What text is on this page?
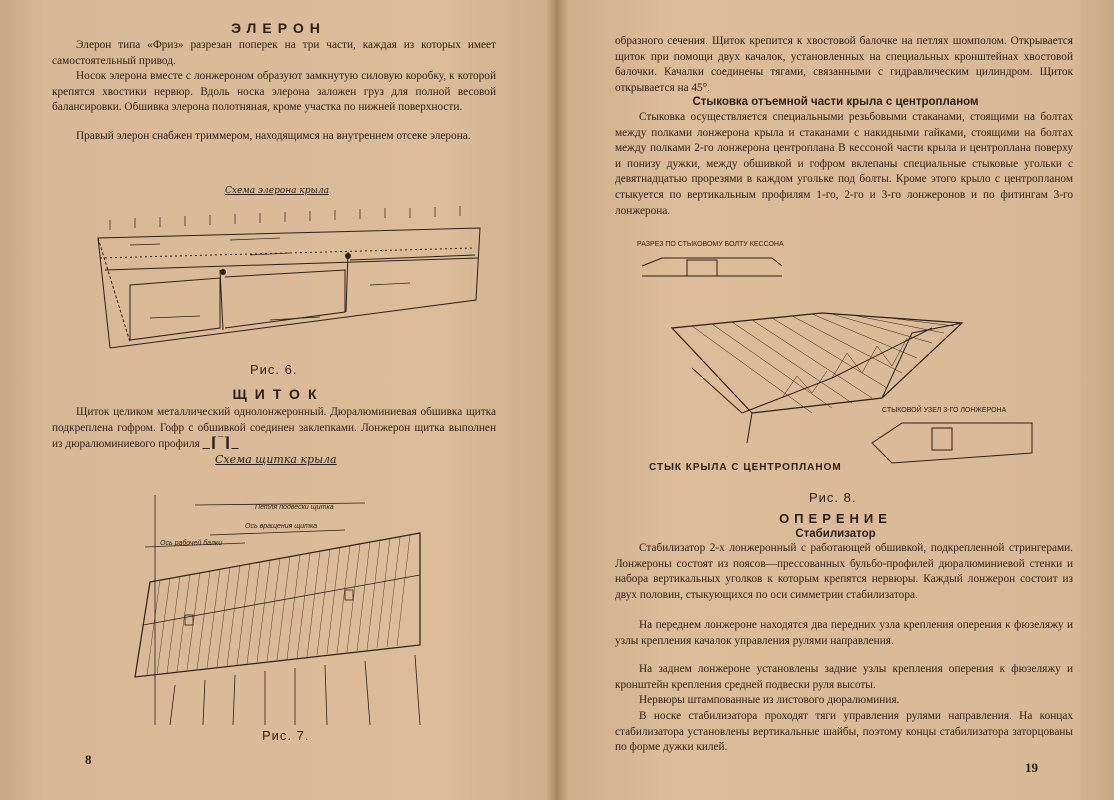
ЭЛЕРОН
Элерон типа «Фриз» разрезан поперек на три части, каждая из которых имеет самостоятельный привод.
Носок элерона вместе с лонжероном образуют замкнутую силовую коробку, к которой крепятся хвостики нервюр. Вдоль носка элерона заложен груз для полной весовой балансировки. Обшивка элерона полотняная, кроме участка по нижней поверхности.
Правый элерон снабжен триммером, находящимся на внутреннем отсеке элерона.
Схема элерона крыла
Рис. 6.
ЩИТОК
Щиток целиком металлический однолонжеронный. Дюралюминиевая обшивка щитка подкреплена гофром. Гофр с обшивкой соединен заклепками. Лонжерон щитка выполнен из дюралюминиевого профиля _⌈‾⌉_
Схема щитка крыла
Петля подвески щитка
Ось вращения щитка
Ось рабочей балки
Рис. 7.
8
образного сечения. Щиток крепится к хвостовой балочке на петлях шомполом. Открывается щиток при помощи двух качалок, установленных на специальных кронштейнах хвостовой балочки. Качалки соединены тягами, связанными с гидравлическим цилиндром. Щиток открывается на 45°.
Стыковка отъемной части крыла с центропланом
Стыковка осуществляется специальными резьбовыми стаканами, стоящими на болтах между полками лонжерона крыла и стаканами с накидными гайками, стоящими на болтах между полками 2-го лонжерона центроплана В кессоной части крыла и центроплана поверху и понизу дужки, между обшивкой и гофром вклепаны специальные стыковые угольки с девятнадцатью прорезями в каждом угольке под болты. Кроме этого крыло с центропланом стыкуется по вертикальным профилям 1-го, 2-го и 3-го лонжеронов и по фитингам 3-го лонжерона.
РАЗРЕЗ ПО СТЫКОВОМУ БОЛТУ КЕССОНА
СТЫКОВОЙ УЗЕЛ 3-ГО ЛОНЖЕРОНА
СТЫК КРЫЛА С ЦЕНТРОПЛАНОМ
Рис. 8.
ОПЕРЕНИЕ
Стабилизатор
Стабилизатор 2-х лонжеронный с работающей обшивкой, подкрепленной стрингерами. Лонжероны состоят из поясов—прессованных бульбо-профилей дюралюминиевой стенки и набора вертикальных уголков к которым крепятся нервюры. Каждый лонжерон состоит из двух половин, стыкующихся по оси симметрии стабилизатора.
На переднем лонжероне находятся два передних узла крепления оперения к фюзеляжу и узлы крепления качалок управления рулями направления.
На заднем лонжероне установлены задние узлы крепления оперения к фюзеляжу и кронштейн крепления средней подвески руля высоты.
Нервюры штампованные из листового дюралюминия.
В носке стабилизатора проходят тяги управления рулями направления. На концах стабилизатора установлены вертикальные шайбы, поэтому концы стабилизатора заторцованы по форме дужки килей.
19
